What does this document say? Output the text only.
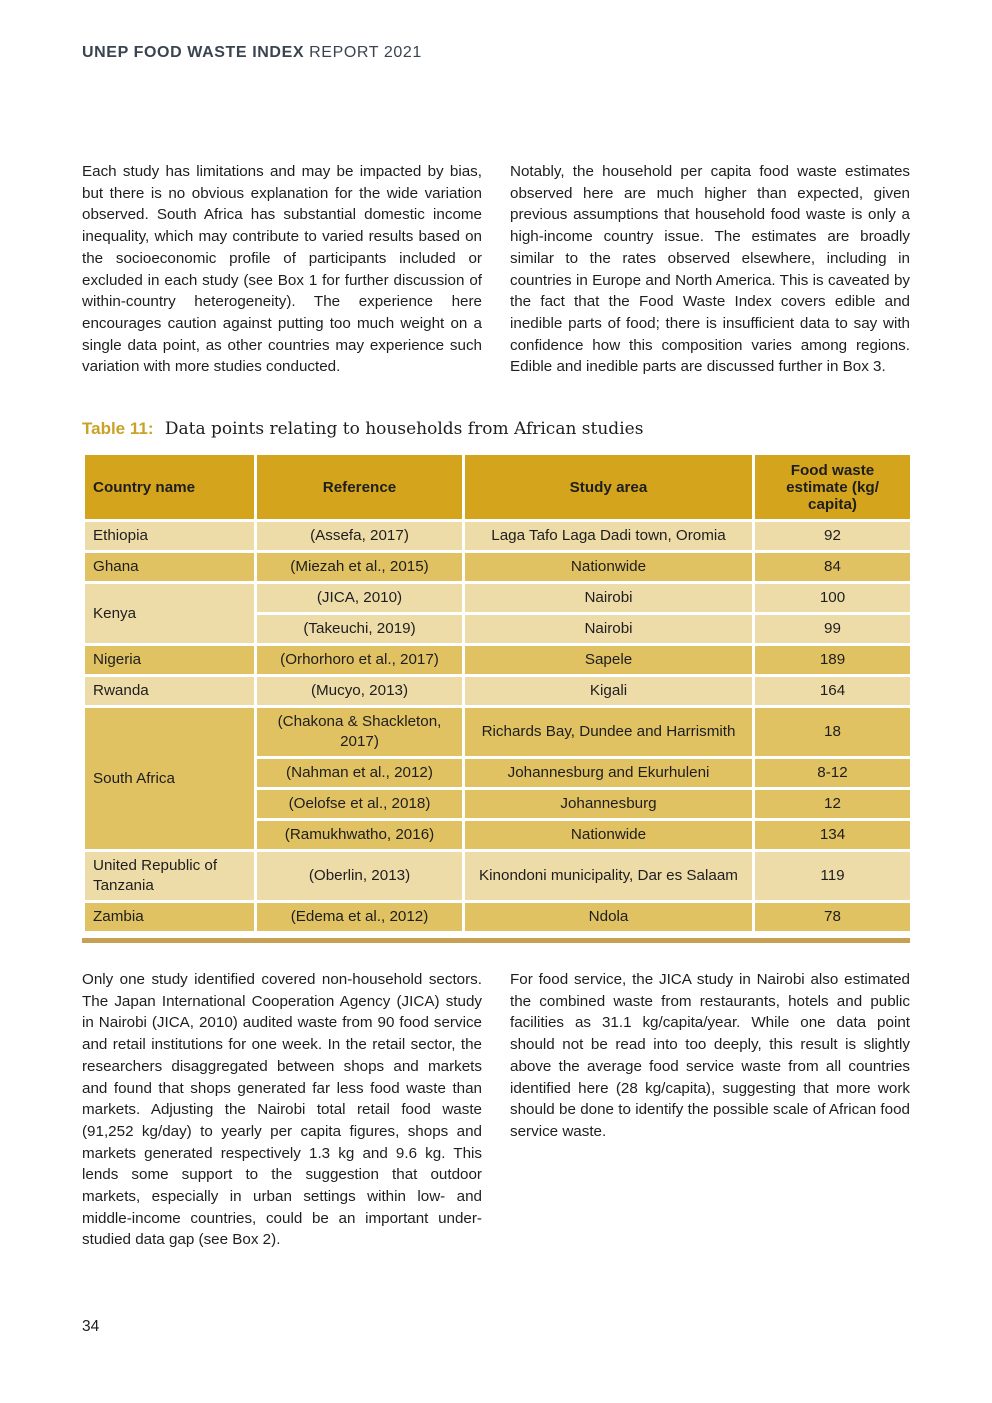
UNEP FOOD WASTE INDEX REPORT 2021

Each study has limitations and may be impacted by bias, but there is no obvious explanation for the wide variation observed. South Africa has substantial domestic income inequality, which may contribute to varied results based on the socioeconomic profile of participants included or excluded in each study (see Box 1 for further discussion of within-country heterogeneity). The experience here encourages caution against putting too much weight on a single data point, as other countries may experience such variation with more studies conducted.

Notably, the household per capita food waste estimates observed here are much higher than expected, given previous assumptions that household food waste is only a high-income country issue. The estimates are broadly similar to the rates observed elsewhere, including in countries in Europe and North America. This is caveated by the fact that the Food Waste Index covers edible and inedible parts of food; there is insufficient data to say with confidence how this composition varies among regions. Edible and inedible parts are discussed further in Box 3.

Table 11: Data points relating to households from African studies
Country name	Reference	Study area	Food waste estimate (kg/ capita)
Ethiopia	(Assefa, 2017)	Laga Tafo Laga Dadi town, Oromia	92
Ghana	(Miezah et al., 2015)	Nationwide	84
Kenya	(JICA, 2010)	Nairobi	100
	(Takeuchi, 2019)	Nairobi	99
Nigeria	(Orhorhoro et al., 2017)	Sapele	189
Rwanda	(Mucyo, 2013)	Kigali	164
South Africa	(Chakona & Shackleton, 2017)	Richards Bay, Dundee and Harrismith	18
	(Nahman et al., 2012)	Johannesburg and Ekurhuleni	8-12
	(Oelofse et al., 2018)	Johannesburg	12
	(Ramukhwatho, 2016)	Nationwide	134
United Republic of Tanzania	(Oberlin, 2013)	Kinondoni municipality, Dar es Salaam	119
Zambia	(Edema et al., 2012)	Ndola	78

Only one study identified covered non-household sectors. The Japan International Cooperation Agency (JICA) study in Nairobi (JICA, 2010) audited waste from 90 food service and retail institutions for one week. In the retail sector, the researchers disaggregated between shops and markets and found that shops generated far less food waste than markets. Adjusting the Nairobi total retail food waste (91,252 kg/day) to yearly per capita figures, shops and markets generated respectively 1.3 kg and 9.6 kg. This lends some support to the suggestion that outdoor markets, especially in urban settings within low- and middle-income countries, could be an important under-studied data gap (see Box 2).

For food service, the JICA study in Nairobi also estimated the combined waste from restaurants, hotels and public facilities as 31.1 kg/capita/year. While one data point should not be read into too deeply, this result is slightly above the average food service waste from all countries identified here (28 kg/capita), suggesting that more work should be done to identify the possible scale of African food service waste.

34
